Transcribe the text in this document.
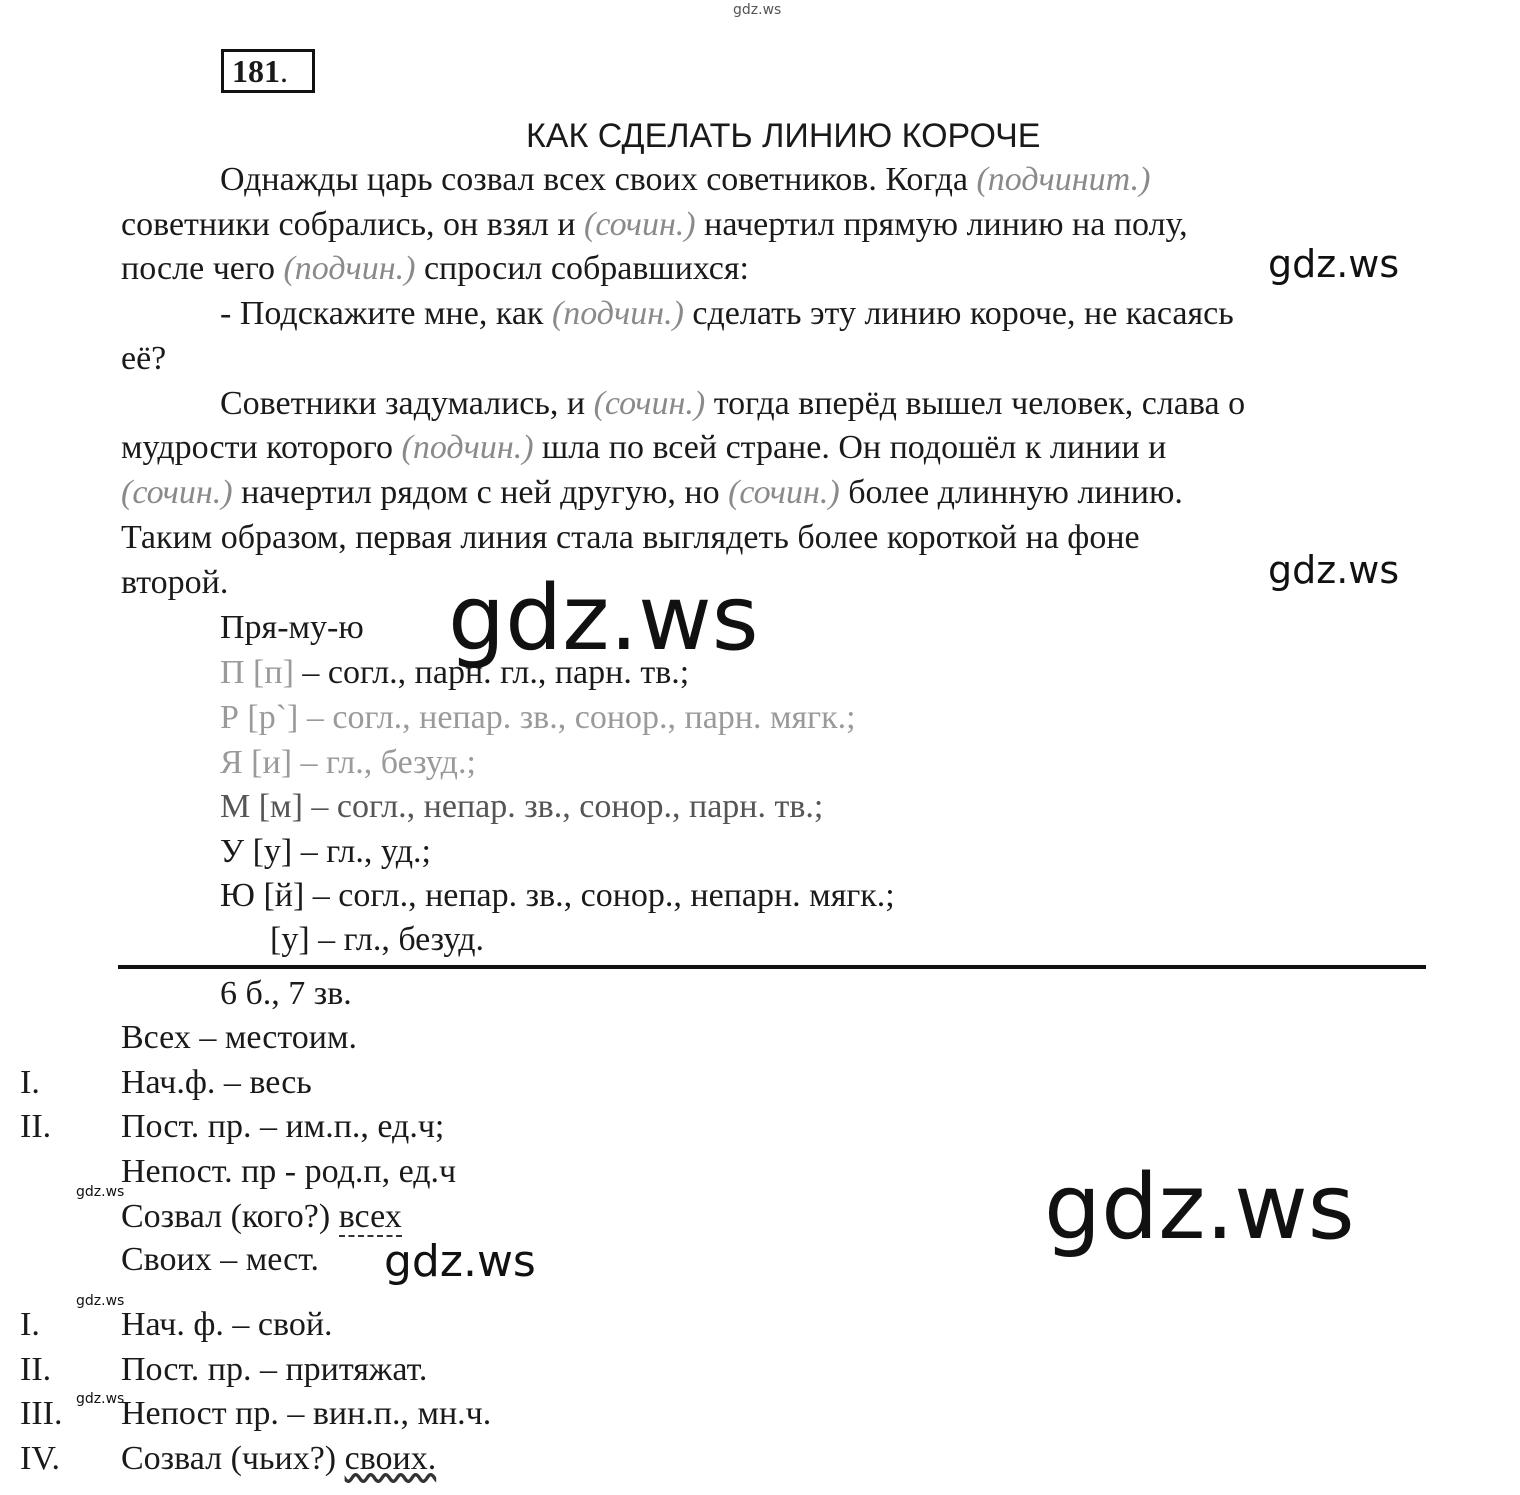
gdz.ws
gdz.ws
gdz.ws
gdz.ws
gdz.ws
gdz.ws
gdz.ws
gdz.ws
gdz.ws
181.
КАК СДЕЛАТЬ ЛИНИЮ КОРОЧЕ
Однажды царь созвал всех своих советников. Когда (подчинит.)
советники собрались, он взял и (сочин.) начертил прямую линию на полу,
после чего (подчин.) спросил собравшихся:
- Подскажите мне, как (подчин.) сделать эту линию короче, не касаясь
её?
Советники задумались, и (сочин.) тогда вперёд вышел человек, слава о
мудрости которого (подчин.) шла по всей стране. Он подошёл к линии и
(сочин.) начертил рядом с ней другую, но (сочин.) более длинную линию.
Таким образом, первая линия стала выглядеть более короткой на фоне
второй.
Пря-му-ю
П [п] – согл., парн. гл., парн. тв.;
Р [р`] – согл., непар. зв., сонор., парн. мягк.;
Я [и] – гл., безуд.;
М [м] – согл., непар. зв., сонор., парн. тв.;
У [у] – гл., уд.;
Ю [й] – согл., непар. зв., сонор., непарн. мягк.;
[у] – гл., безуд.
6 б., 7 зв.
Всех – местоим.
I. Нач.ф. – весь
II. Пост. пр. – им.п., ед.ч;
Непост. пр - род.п, ед.ч
Созвал (кого?) всех
Своих – мест.
I. Нач. ф. – свой.
II. Пост. пр. – притяжат.
III. Непост пр. – вин.п., мн.ч.
IV. Созвал (чьих?) своих.
